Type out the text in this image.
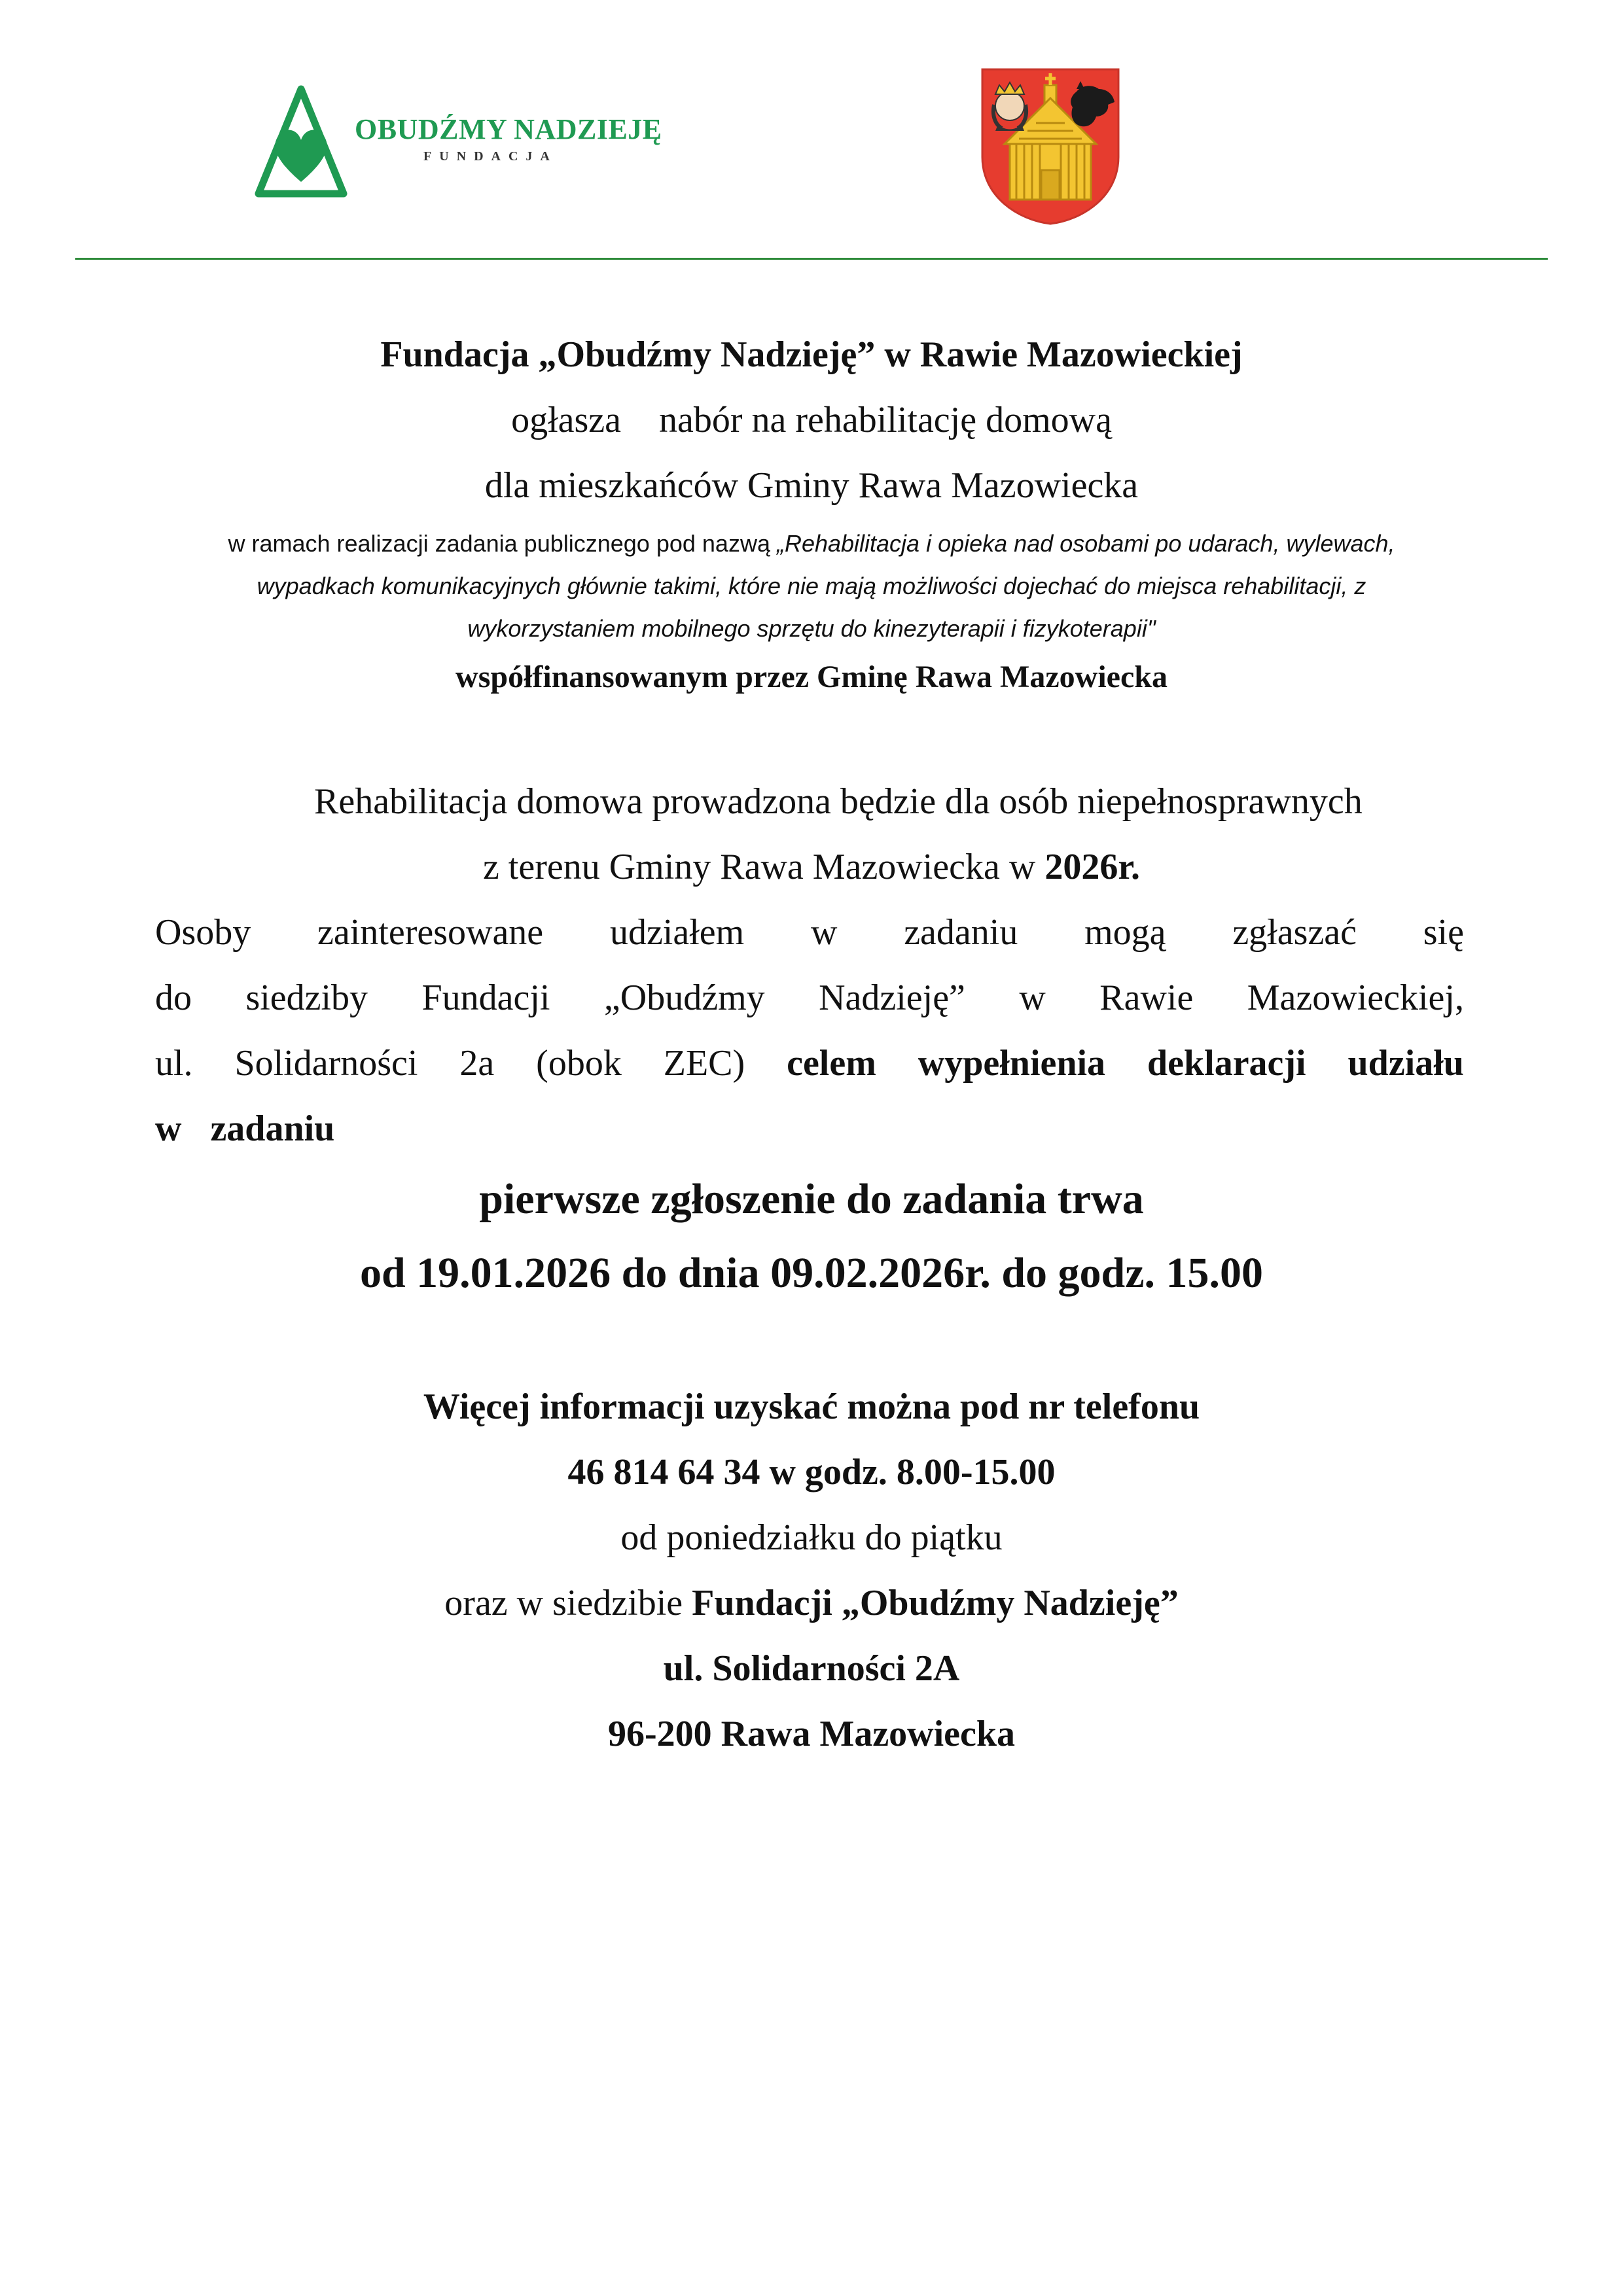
OBUDŹMY NADZIEJĘ
FUNDACJA
Fundacja „Obudźmy Nadzieję” w Rawie Mazowieckiej
ogłasza nabór na rehabilitację domową
dla mieszkańców Gminy Rawa Mazowiecka
w ramach realizacji zadania publicznego pod nazwą „Rehabilitacja i opieka nad osobami po udarach, wylewach,
wypadkach komunikacyjnych głównie takimi, które nie mają możliwości dojechać do miejsca rehabilitacji, z
wykorzystaniem mobilnego sprzętu do kinezyterapii i fizykoterapii"
współfinansowanym przez Gminę Rawa Mazowiecka
Rehabilitacja domowa prowadzona będzie dla osób niepełnosprawnych
z terenu Gminy Rawa Mazowiecka w 2026r.
Osoby zainteresowane udziałem w zadaniu mogą zgłaszać się
do siedziby Fundacji „Obudźmy Nadzieję” w Rawie Mazowieckiej,
ul. Solidarności 2a (obok ZEC) celem wypełnienia deklaracji udziału
w zadaniu
pierwsze zgłoszenie do zadania trwa
od 19.01.2026 do dnia 09.02.2026r. do godz. 15.00
Więcej informacji uzyskać można pod nr telefonu
46 814 64 34 w godz. 8.00-15.00
od poniedziałku do piątku
oraz w siedzibie Fundacji „Obudźmy Nadzieję”
ul. Solidarności 2A
96-200 Rawa Mazowiecka
